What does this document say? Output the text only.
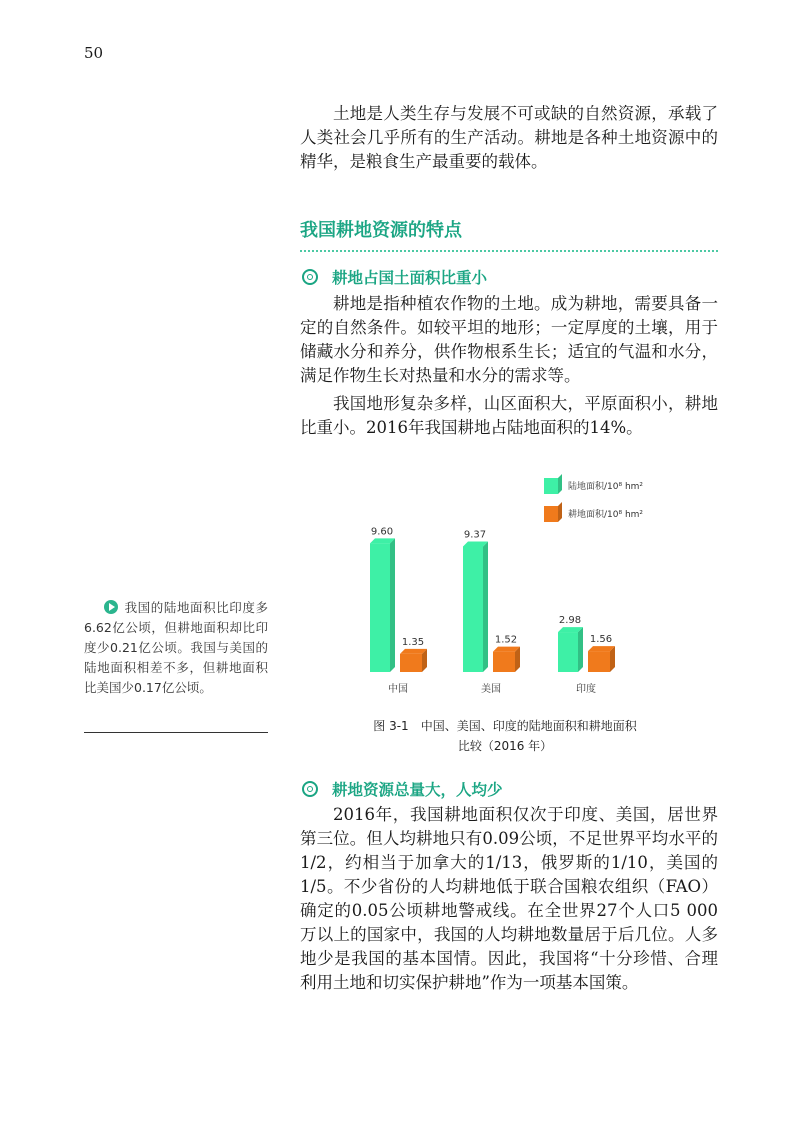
50

土地是人类生存与发展不可或缺的自然资源，承载了人类社会几乎所有的生产活动。耕地是各种土地资源中的精华，是粮食生产最重要的载体。

我国耕地资源的特点
耕地占国土面积比重小

耕地是指种植农作物的土地。成为耕地，需要具备一定的自然条件。如较平坦的地形；一定厚度的土壤，用于储藏水分和养分，供作物根系生长；适宜的气温和水分，满足作物生长对热量和水分的需求等。

我国地形复杂多样，山区面积大，平原面积小，耕地比重小。2016年我国耕地占陆地面积的14%。

9.60
1.35
中国
9.37
1.52
美国
2.98
1.56
印度
陆地面积/10⁸ hm²
耕地面积/10⁸ hm²
图 3-1　中国、美国、印度的陆地面积和耕地面积
比较（2016 年）

我国的陆地面积比印度多6.62亿公顷，但耕地面积却比印度少0.21亿公顷。我国与美国的陆地面积相差不多，但耕地面积比美国少0.17亿公顷。

耕地资源总量大，人均少

2016年，我国耕地面积仅次于印度、美国，居世界第三位。但人均耕地只有0.09公顷，不足世界平均水平的1/2，约相当于加拿大的1/13，俄罗斯的1/10，美国的1/5。不少省份的人均耕地低于联合国粮农组织（FAO）确定的0.05公顷耕地警戒线。在全世界27个人口5 000万以上的国家中，我国的人均耕地数量居于后几位。人多地少是我国的基本国情。因此，我国将“十分珍惜、合理利用土地和切实保护耕地”作为一项基本国策。
